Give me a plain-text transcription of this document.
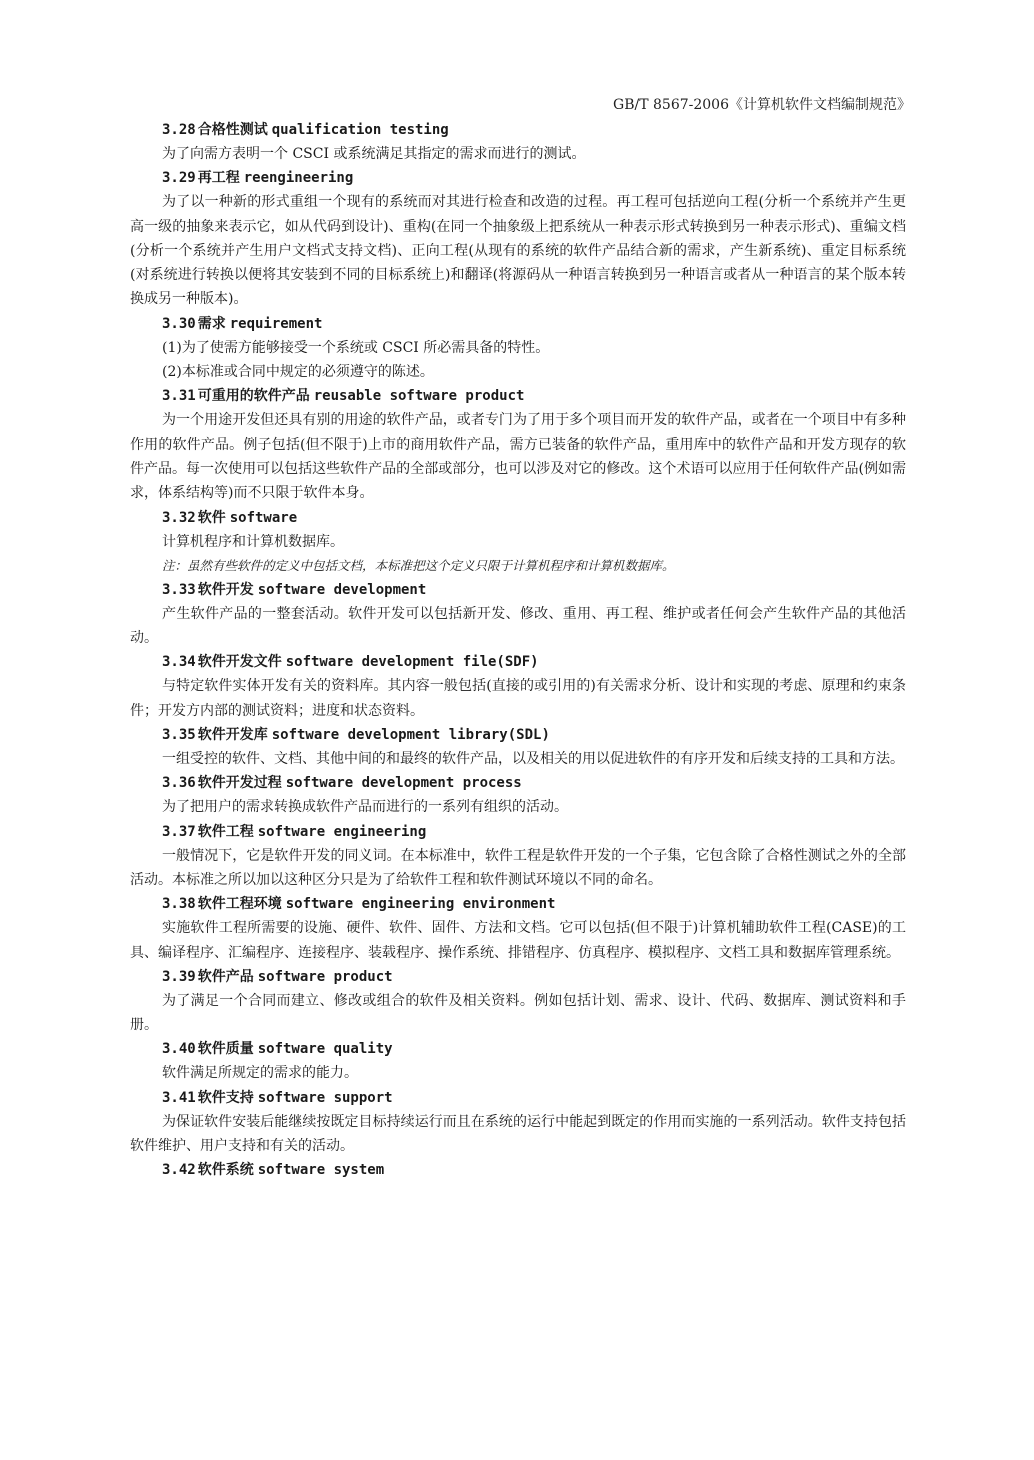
GB/T 8567-2006《计算机软件文档编制规范》
3.28 合格性测试 qualification testing

为了向需方表明一个 CSCI 或系统满足其指定的需求而进行的测试。

3.29 再工程 reengineering

为了以一种新的形式重组一个现有的系统而对其进行检查和改造的过程。再工程可包括逆向工程(分析一个系统并产生更高一级的抽象来表示它，如从代码到设计)、重构(在同一个抽象级上把系统从一种表示形式转换到另一种表示形式)、重编文档(分析一个系统并产生用户文档式支持文档)、正向工程(从现有的系统的软件产品结合新的需求，产生新系统)、重定目标系统(对系统进行转换以便将其安装到不同的目标系统上)和翻译(将源码从一种语言转换到另一种语言或者从一种语言的某个版本转换成另一种版本)。

3.30 需求 requirement

(1)为了使需方能够接受一个系统或 CSCI 所必需具备的特性。

(2)本标准或合同中规定的必须遵守的陈述。

3.31 可重用的软件产品 reusable software product

为一个用途开发但还具有别的用途的软件产品，或者专门为了用于多个项目而开发的软件产品，或者在一个项目中有多种作用的软件产品。例子包括(但不限于)上市的商用软件产品，需方已装备的软件产品，重用库中的软件产品和开发方现存的软件产品。每一次使用可以包括这些软件产品的全部或部分，也可以涉及对它的修改。这个术语可以应用于任何软件产品(例如需求，体系结构等)而不只限于软件本身。

3.32 软件 software

计算机程序和计算机数据库。

注：虽然有些软件的定义中包括文档，本标准把这个定义只限于计算机程序和计算机数据库。
3.33 软件开发 software development

产生软件产品的一整套活动。软件开发可以包括新开发、修改、重用、再工程、维护或者任何会产生软件产品的其他活动。

3.34 软件开发文件 software development file(SDF)

与特定软件实体开发有关的资料库。其内容一般包括(直接的或引用的)有关需求分析、设计和实现的考虑、原理和约束条件；开发方内部的测试资料；进度和状态资料。

3.35 软件开发库 software development library(SDL)

一组受控的软件、文档、其他中间的和最终的软件产品，以及相关的用以促进软件的有序开发和后续支持的工具和方法。

3.36 软件开发过程 software development process

为了把用户的需求转换成软件产品而进行的一系列有组织的活动。

3.37 软件工程 software engineering

一般情况下，它是软件开发的同义词。在本标准中，软件工程是软件开发的一个子集，它包含除了合格性测试之外的全部活动。本标准之所以加以这种区分只是为了给软件工程和软件测试环境以不同的命名。

3.38 软件工程环境 software engineering environment

实施软件工程所需要的设施、硬件、软件、固件、方法和文档。它可以包括(但不限于)计算机辅助软件工程(CASE)的工具、编译程序、汇编程序、连接程序、装载程序、操作系统、排错程序、仿真程序、模拟程序、文档工具和数据库管理系统。

3.39 软件产品 software product

为了满足一个合同而建立、修改或组合的软件及相关资料。例如包括计划、需求、设计、代码、数据库、测试资料和手册。

3.40 软件质量 software quality

软件满足所规定的需求的能力。

3.41 软件支持 software support

为保证软件安装后能继续按既定目标持续运行而且在系统的运行中能起到既定的作用而实施的一系列活动。软件支持包括软件维护、用户支持和有关的活动。

3.42 软件系统 software system
